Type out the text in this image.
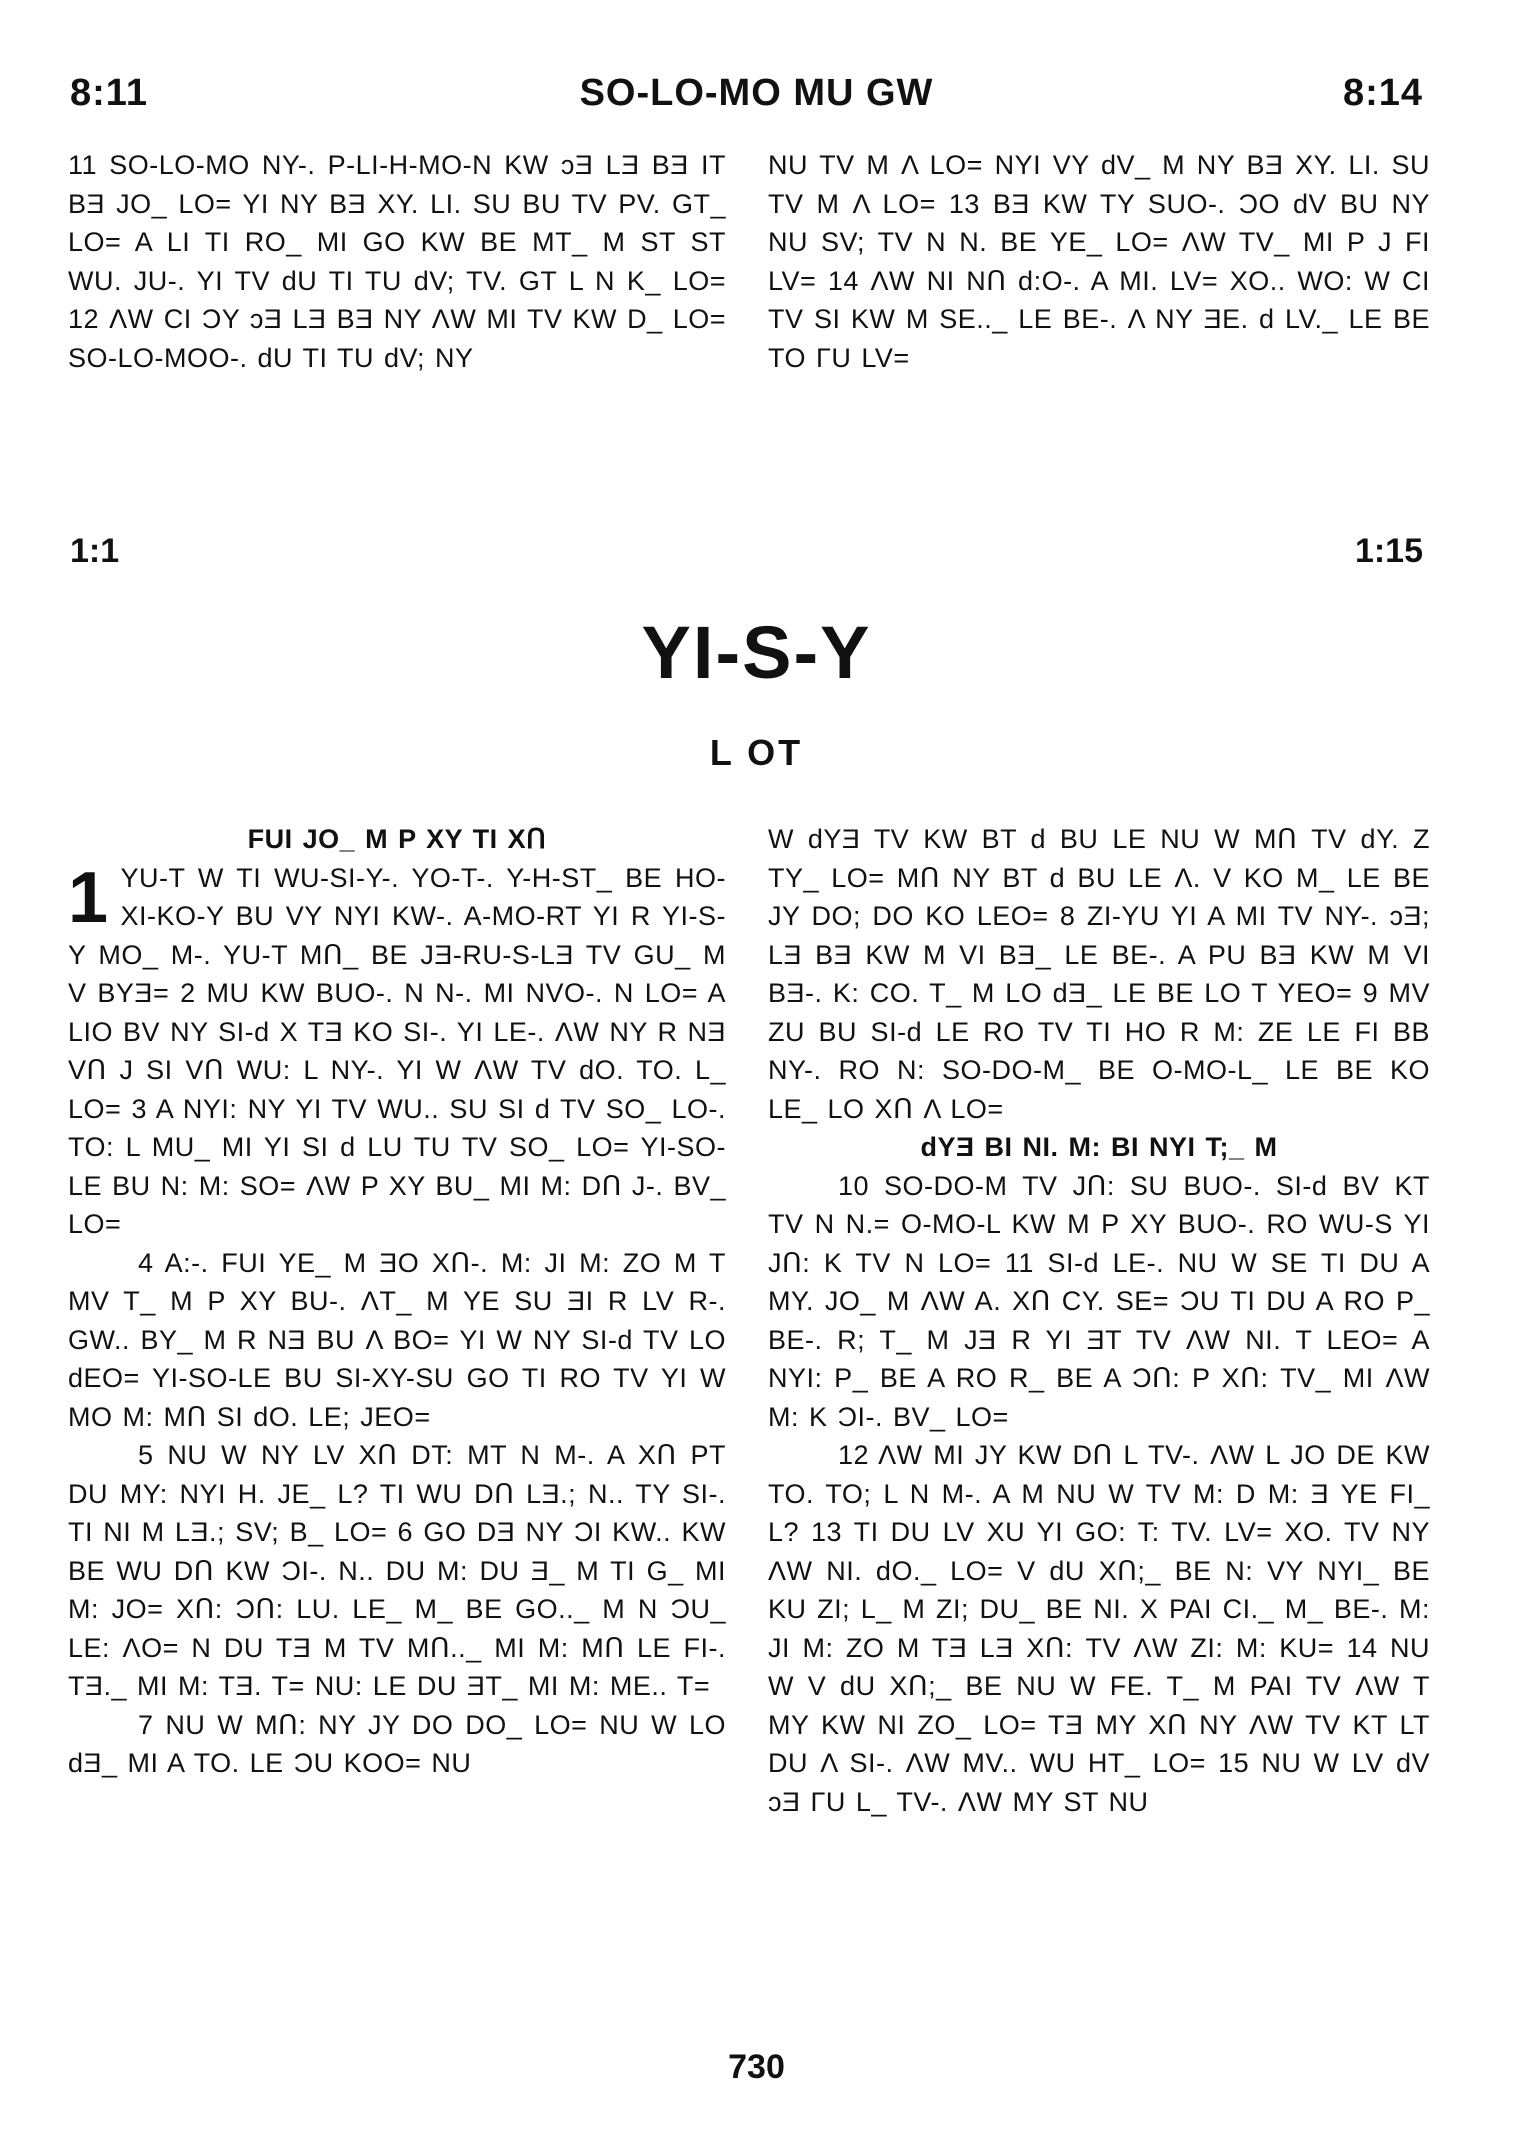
8:11	SO-LO-MO MU GW	8:14
11 SO-LO-MO NY-. P-LI-H-MO-N KW ɔƎ LƎ BƎ IT BƎ JO_ LO= YI NY BƎ XY. LI. SU BU TV PV. GT_ LO= A LI TI RO_ MI GO KW BE MT_ M ST ST WU. JU-. YI TV dU TI TU dV; TV. GT L N K_ LO= 12 ΛW CI ϽY ɔƎ LƎ BƎ NY ΛW MI TV KW D_ LO= SO-LO-MOO-. dU TI TU dV; NY
NU TV M Λ LO= NYI VY dV_ M NY BƎ XY. LI. SU TV M Λ LO= 13 BƎ KW TY SUO-. ϽO dV BU NY NU SV; TV N N. BE YE_ LO= ΛW TV_ MI P J FI LV= 14 ΛW NI Nᑎ d:O-. A MI. LV= XO.. WO: W CI TV SI KW M SE.._ LE BE-. Λ NY ƎE. d LV._ LE BE TO ΓU LV=
1:1	1:15
YI-S-Y
L OT

FUI JO_ M P XY TI Xᑎ

1 YU-T W TI WU-SI-Y-. YO-T-. Y-H-ST_ BE HO-XI-KO-Y BU VY NYI KW-. A-MO-RT YI R YI-S-Y MO_ M-. YU-T Mᑎ_ BE JƎ-RU-S-LƎ TV GU_ M V BYƎ= 2 MU KW BUO-. N N-. MI NVO-. N LO= A LIO BV NY SI-d X TƎ KO SI-. YI LE-. ΛW NY R NƎ Vᑎ J SI Vᑎ WU: L NY-. YI W ΛW TV dO. TO. L_ LO= 3 A NYI: NY YI TV WU.. SU SI d TV SO_ LO-. TO: L MU_ MI YI SI d LU TU TV SO_ LO= YI-SO-LE BU N: M: SO= ΛW P XY BU_ MI M: Dᑎ J-. BV_ LO=

4 A:-. FUI YE_ M ƎO Xᑎ-. M: JI M: ZO M T MV T_ M P XY BU-. ΛT_ M YE SU ƎI R LV R-. GW.. BY_ M R NƎ BU Λ BO= YI W NY SI-d TV LO dEO= YI-SO-LE BU SI-XY-SU GO TI RO TV YI W MO M: Mᑎ SI dO. LE; JEO=

5 NU W NY LV Xᑎ DT: MT N M-. A Xᑎ PT DU MY: NYI H. JE_ L? TI WU Dᑎ LƎ.; N.. TY SI-. TI NI M LƎ.; SV; B_ LO= 6 GO DƎ NY ϽI KW.. KW BE WU Dᑎ KW ϽI-. N.. DU M: DU Ǝ_ M TI G_ MI M: JO= Xᑎ: Ͻᑎ: LU. LE_ M_ BE GO.._ M N ϽU_ LE: ΛO= N DU TƎ M TV Mᑎ.._ MI M: Mᑎ LE FI-. TƎ._ MI M: TƎ. T= NU: LE DU ƎT_ MI M: ME.. T=

7 NU W Mᑎ: NY JY DO DO_ LO= NU W LO dƎ_ MI A TO. LE ϽU KOO= NU

W dYƎ TV KW BT d BU LE NU W Mᑎ TV dY. Z TY_ LO= Mᑎ NY BT d BU LE Λ. V KO M_ LE BE JY DO; DO KO LEO= 8 ZI-YU YI A MI TV NY-. ɔƎ; LƎ BƎ KW M VI BƎ_ LE BE-. A PU BƎ KW M VI BƎ-. K: CO. T_ M LO dƎ_ LE BE LO T YEO= 9 MV ZU BU SI-d LE RO TV TI HO R M: ZE LE FI BB NY-. RO N: SO-DO-M_ BE O-MO-L_ LE BE KO LE_ LO Xᑎ Λ LO=

dYƎ BI NI. M: BI NYI T;_ M

10 SO-DO-M TV Jᑎ: SU BUO-. SI-d BV KT TV N N.= O-MO-L KW M P XY BUO-. RO WU-S YI Jᑎ: K TV N LO= 11 SI-d LE-. NU W SE TI DU A MY. JO_ M ΛW A. Xᑎ CY. SE= ϽU TI DU A RO P_ BE-. R; T_ M JƎ R YI ƎT TV ΛW NI. T LEO= A NYI: P_ BE A RO R_ BE A Ͻᑎ: P Xᑎ: TV_ MI ΛW M: K ϽI-. BV_ LO=

12 ΛW MI JY KW Dᑎ L TV-. ΛW L JO DE KW TO. TO; L N M-. A M NU W TV M: D M: Ǝ YE FI_ L? 13 TI DU LV XU YI GO: T: TV. LV= XO. TV NY ΛW NI. dO._ LO= V dU Xᑎ;_ BE N: VY NYI_ BE KU ZI; L_ M ZI; DU_ BE NI. X PAI CI._ M_ BE-. M: JI M: ZO M TƎ LƎ Xᑎ: TV ΛW ZI: M: KU= 14 NU W V dU Xᑎ;_ BE NU W FE. T_ M PAI TV ΛW T MY KW NI ZO_ LO= TƎ MY Xᑎ NY ΛW TV KT LT DU Λ SI-. ΛW MV.. WU HT_ LO= 15 NU W LV dV ɔƎ ΓU L_ TV-. ΛW MY ST NU

730
